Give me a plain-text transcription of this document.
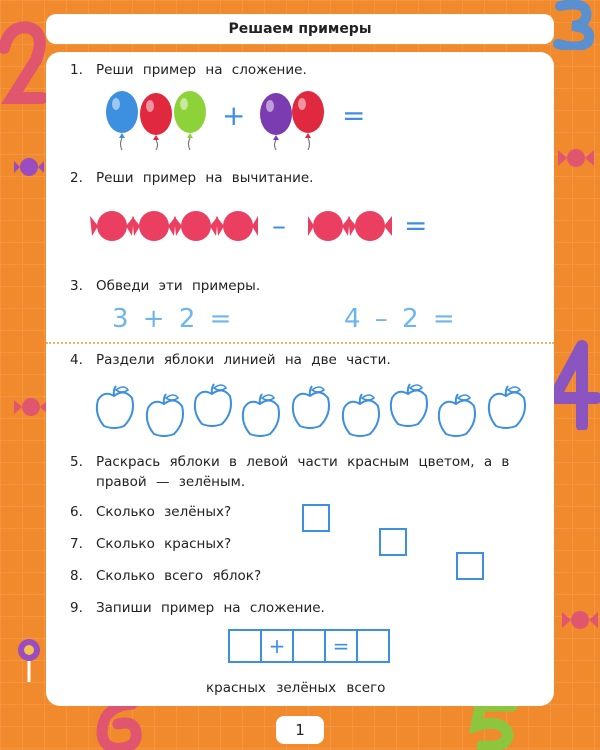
Решаем примеры
1. Реши пример на сложение.
+	=
2. Реши пример на вычитание.
–	=
3. Обведи эти примеры.
3 + 2 =	4 – 2 =
4. Раздели яблоки линией на две части.
5. Раскрась яблоки в левой части красным цветом, а в
правой — зелёным.
6. Сколько зелёных?
7. Сколько красных?
8. Сколько всего яблок?
9. Запиши пример на сложение.
+	=
красных зелёных всего
1
